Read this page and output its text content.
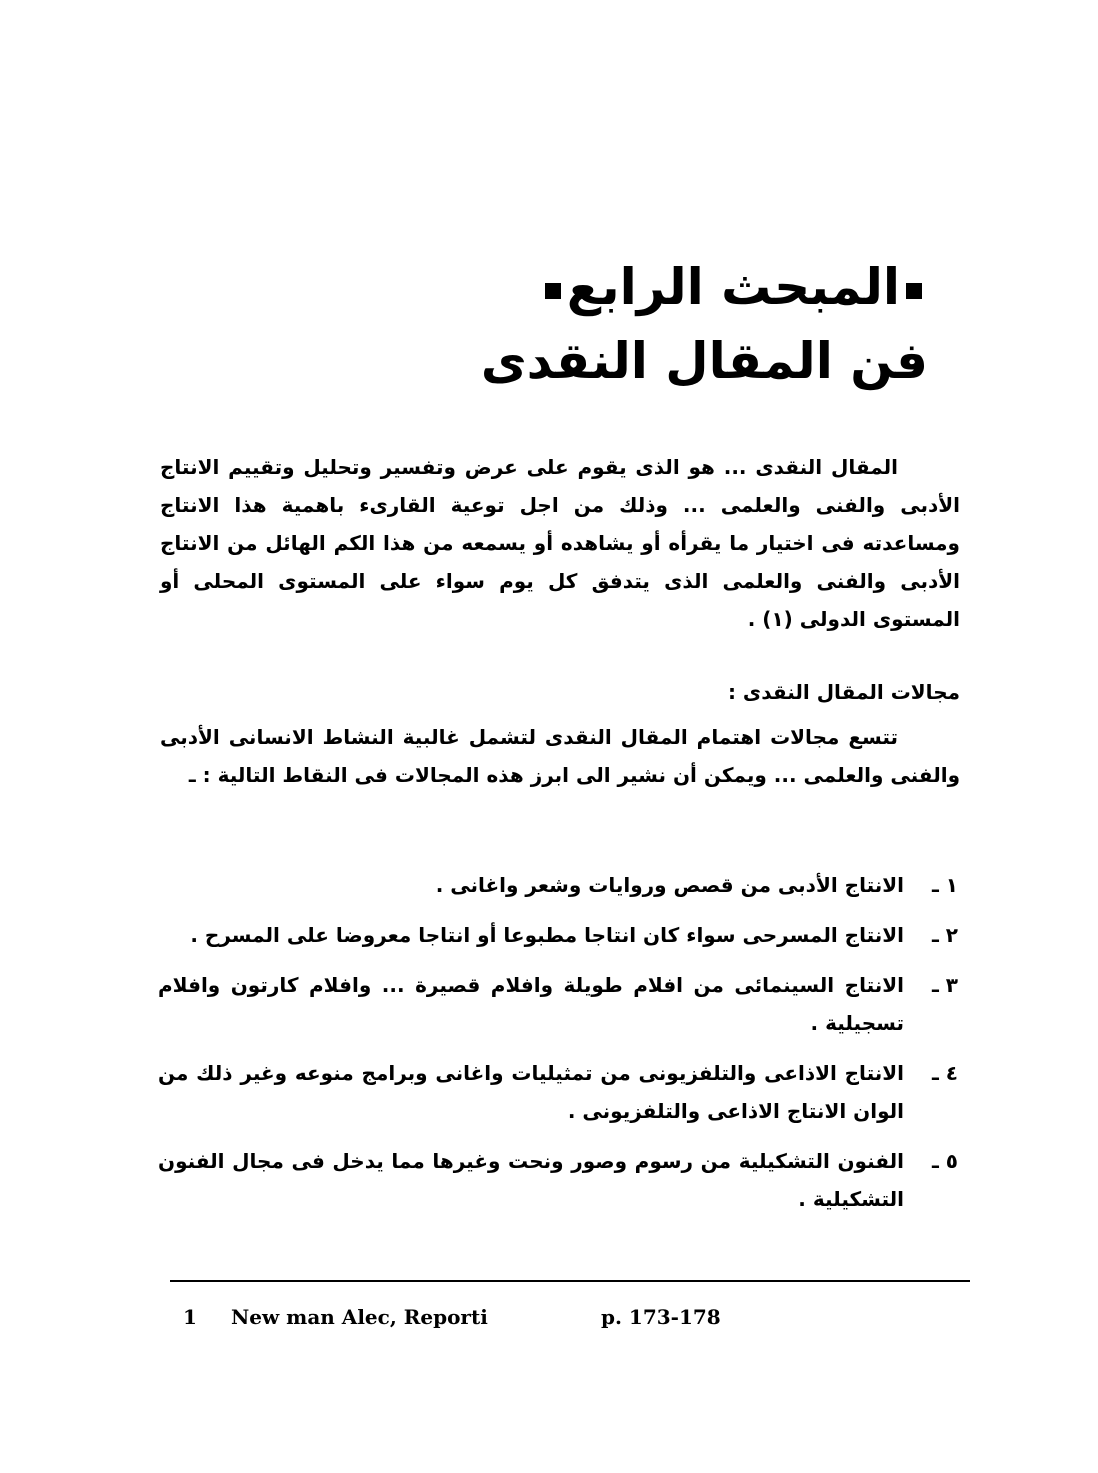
المبحث الرابع
فن المقال النقدى
المقال النقدى ... هو الذى يقوم على عرض وتفسير وتحليل وتقييم الانتاج الأدبى والفنى والعلمى ... وذلك من اجل توعية القارىء باهمية هذا الانتاج ومساعدته فى اختيار ما يقرأه أو يشاهده أو يسمعه من هذا الكم الهائل من الانتاج الأدبى والفنى والعلمى الذى يتدفق كل يوم سواء على المستوى المحلى أو المستوى الدولى (١) .
مجالات المقال النقدى :
تتسع مجالات اهتمام المقال النقدى لتشمل غالبية النشاط الانسانى الأدبى والفنى والعلمى ... ويمكن أن نشير الى ابرز هذه المجالات فى النقاط التالية : ـ
١ ـ
الانتاج الأدبى من قصص وروايات وشعر واغانى .
٢ ـ
الانتاج المسرحى سواء كان انتاجا مطبوعا أو انتاجا معروضا على المسرح .
٣ ـ
الانتاج السينمائى من افلام طويلة وافلام قصيرة ... وافلام كارتون وافلام تسجيلية .
٤ ـ
الانتاج الاذاعى والتلفزيونى من تمثيليات واغانى وبرامج منوعه وغير ذلك من الوان الانتاج الاذاعى والتلفزيونى .
٥ ـ
الفنون التشكيلية من رسوم وصور ونحت وغيرها مما يدخل فى مجال الفنون التشكيلية .
1 New man Alec, Reporti	p. 173-178
